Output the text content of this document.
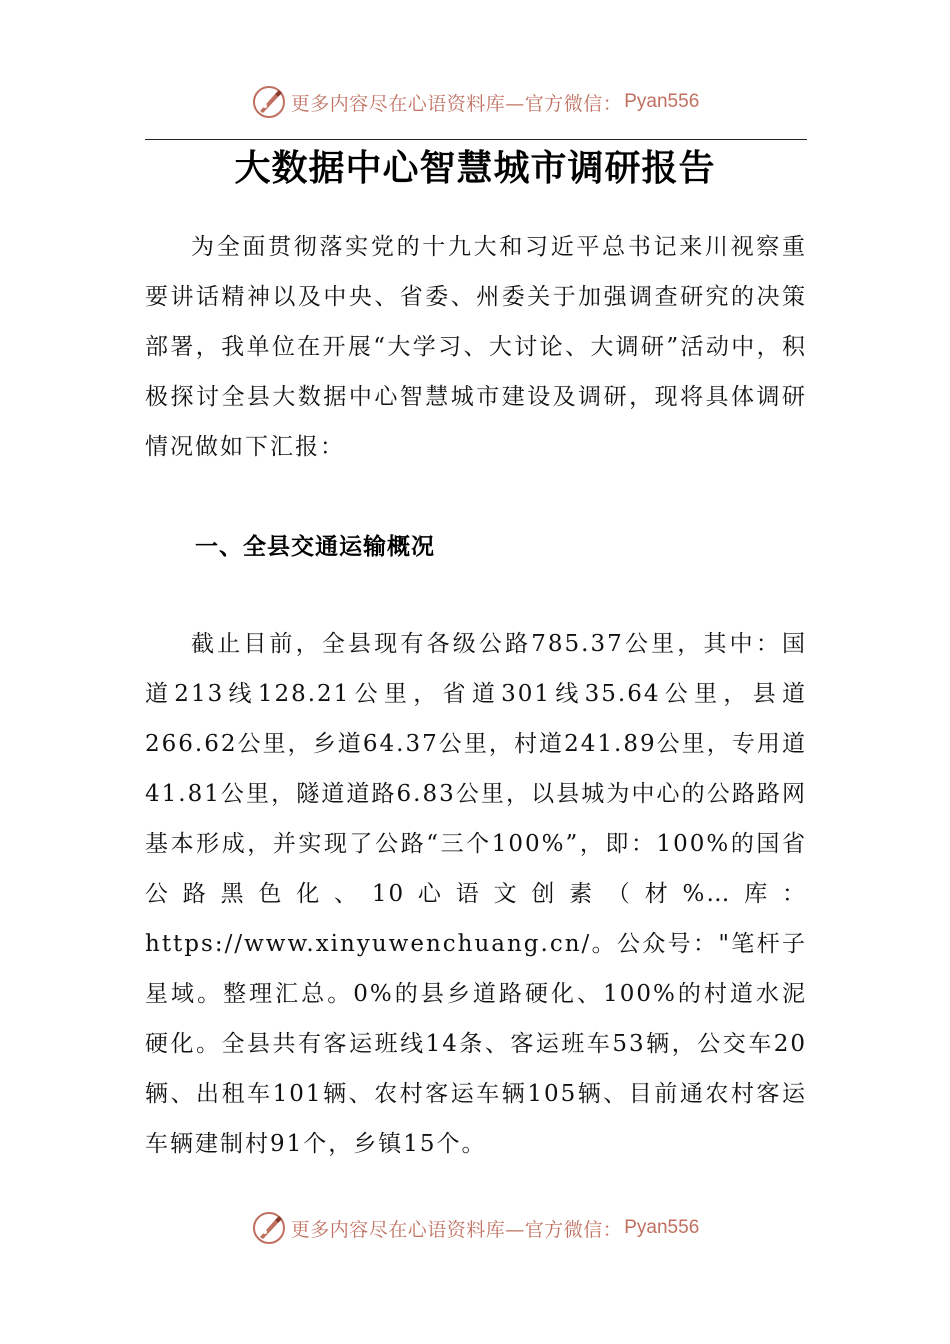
更多内容尽在心语资料库—官方微信： Pyan556
大数据中心智慧城市调研报告

为全面贯彻落实党的十九大和习近平总书记来川视察重要讲话精神以及中央、省委、州委关于加强调查研究的决策部署，我单位在开展“大学习、大讨论、大调研”活动中，积极探讨全县大数据中心智慧城市建设及调研，现将具体调研情况做如下汇报：

一、全县交通运输概况

截止目前，全县现有各级公路785.37公里，其中：国道213线128.21公里，省道301线35.64公里，县道266.62公里，乡道64.37公里，村道241.89公里，专用道41.81公里，隧道道路6.83公里，以县城为中心的公路路网基本形成，并实现了公路“三个100%”，即：100%的国省公路黑色化、10心语文创素（材%…库：https://www.xinyuwenchuang.cn/。公众号："笔杆子星域。整理汇总。0%的县乡道路硬化、100%的村道水泥硬化。全县共有客运班线14条、客运班车53辆，公交车20辆、出租车101辆、农村客运车辆105辆、目前通农村客运车辆建制村91个，乡镇15个。

更多内容尽在心语资料库—官方微信： Pyan556
